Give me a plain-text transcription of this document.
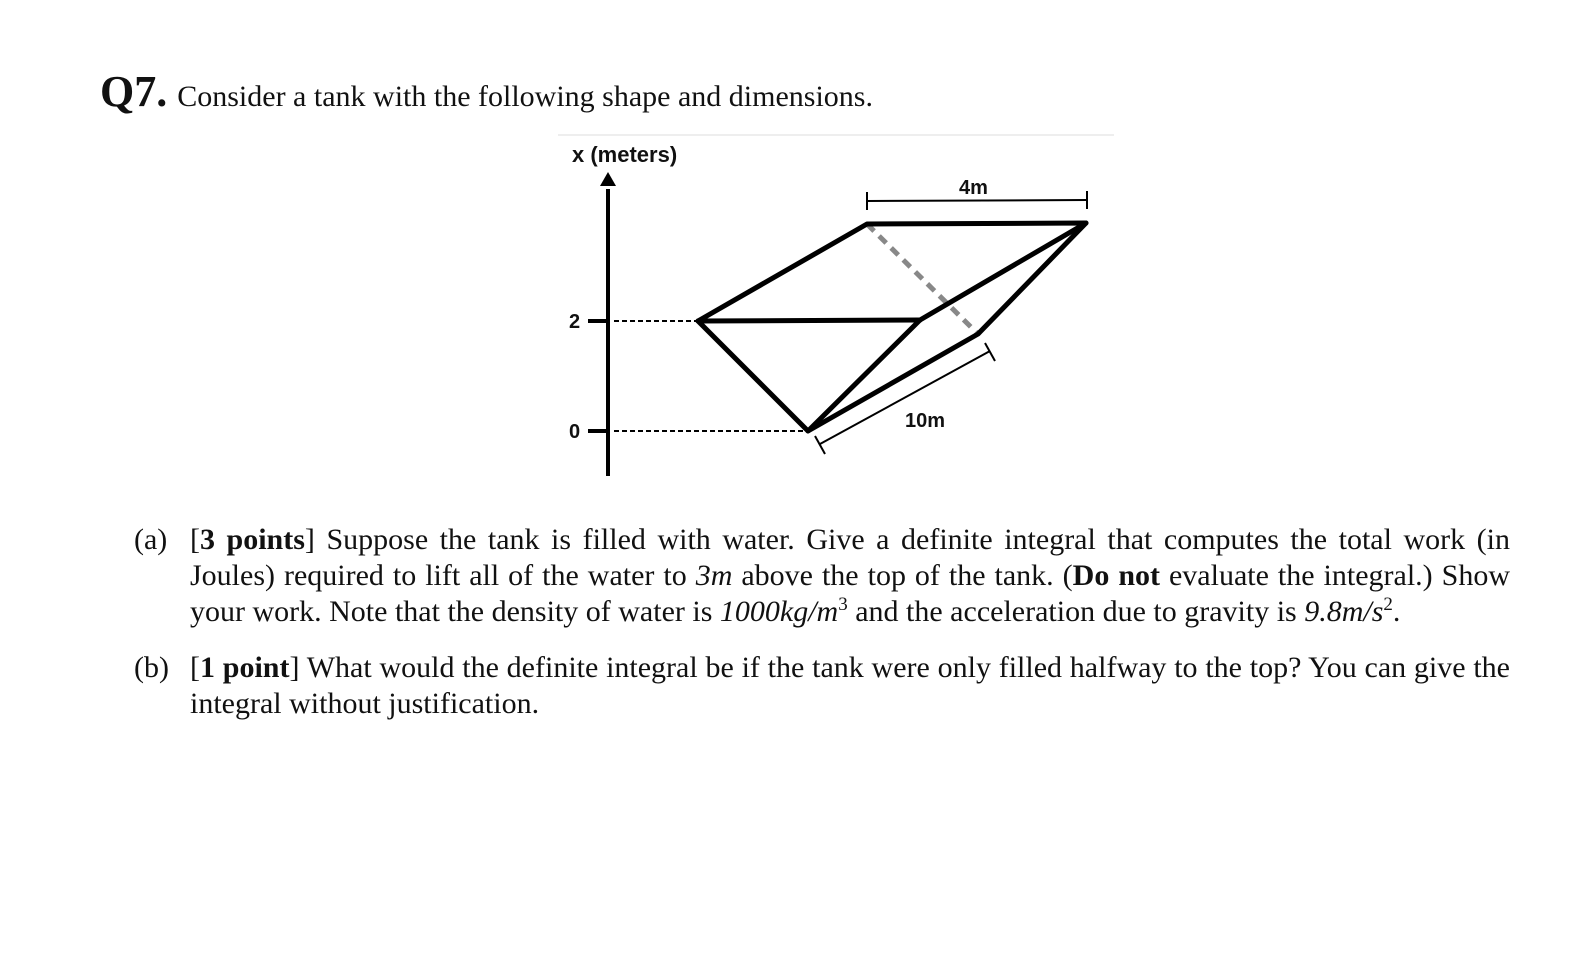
Q7. Consider a tank with the following shape and dimensions.
x (meters)
2
0
4m
10m
(a) [3 points] Suppose the tank is filled with water. Give a definite integral that computes the total work (in Joules) required to lift all of the water to 3m above the top of the tank. (Do not evaluate the integral.) Show your work. Note that the density of water is $1000kg/m^3$ and the acceleration due to gravity is $9.8m/s^2$.
(b) [1 point] What would the definite integral be if the tank were only filled halfway to the top? You can give the integral without justification.
